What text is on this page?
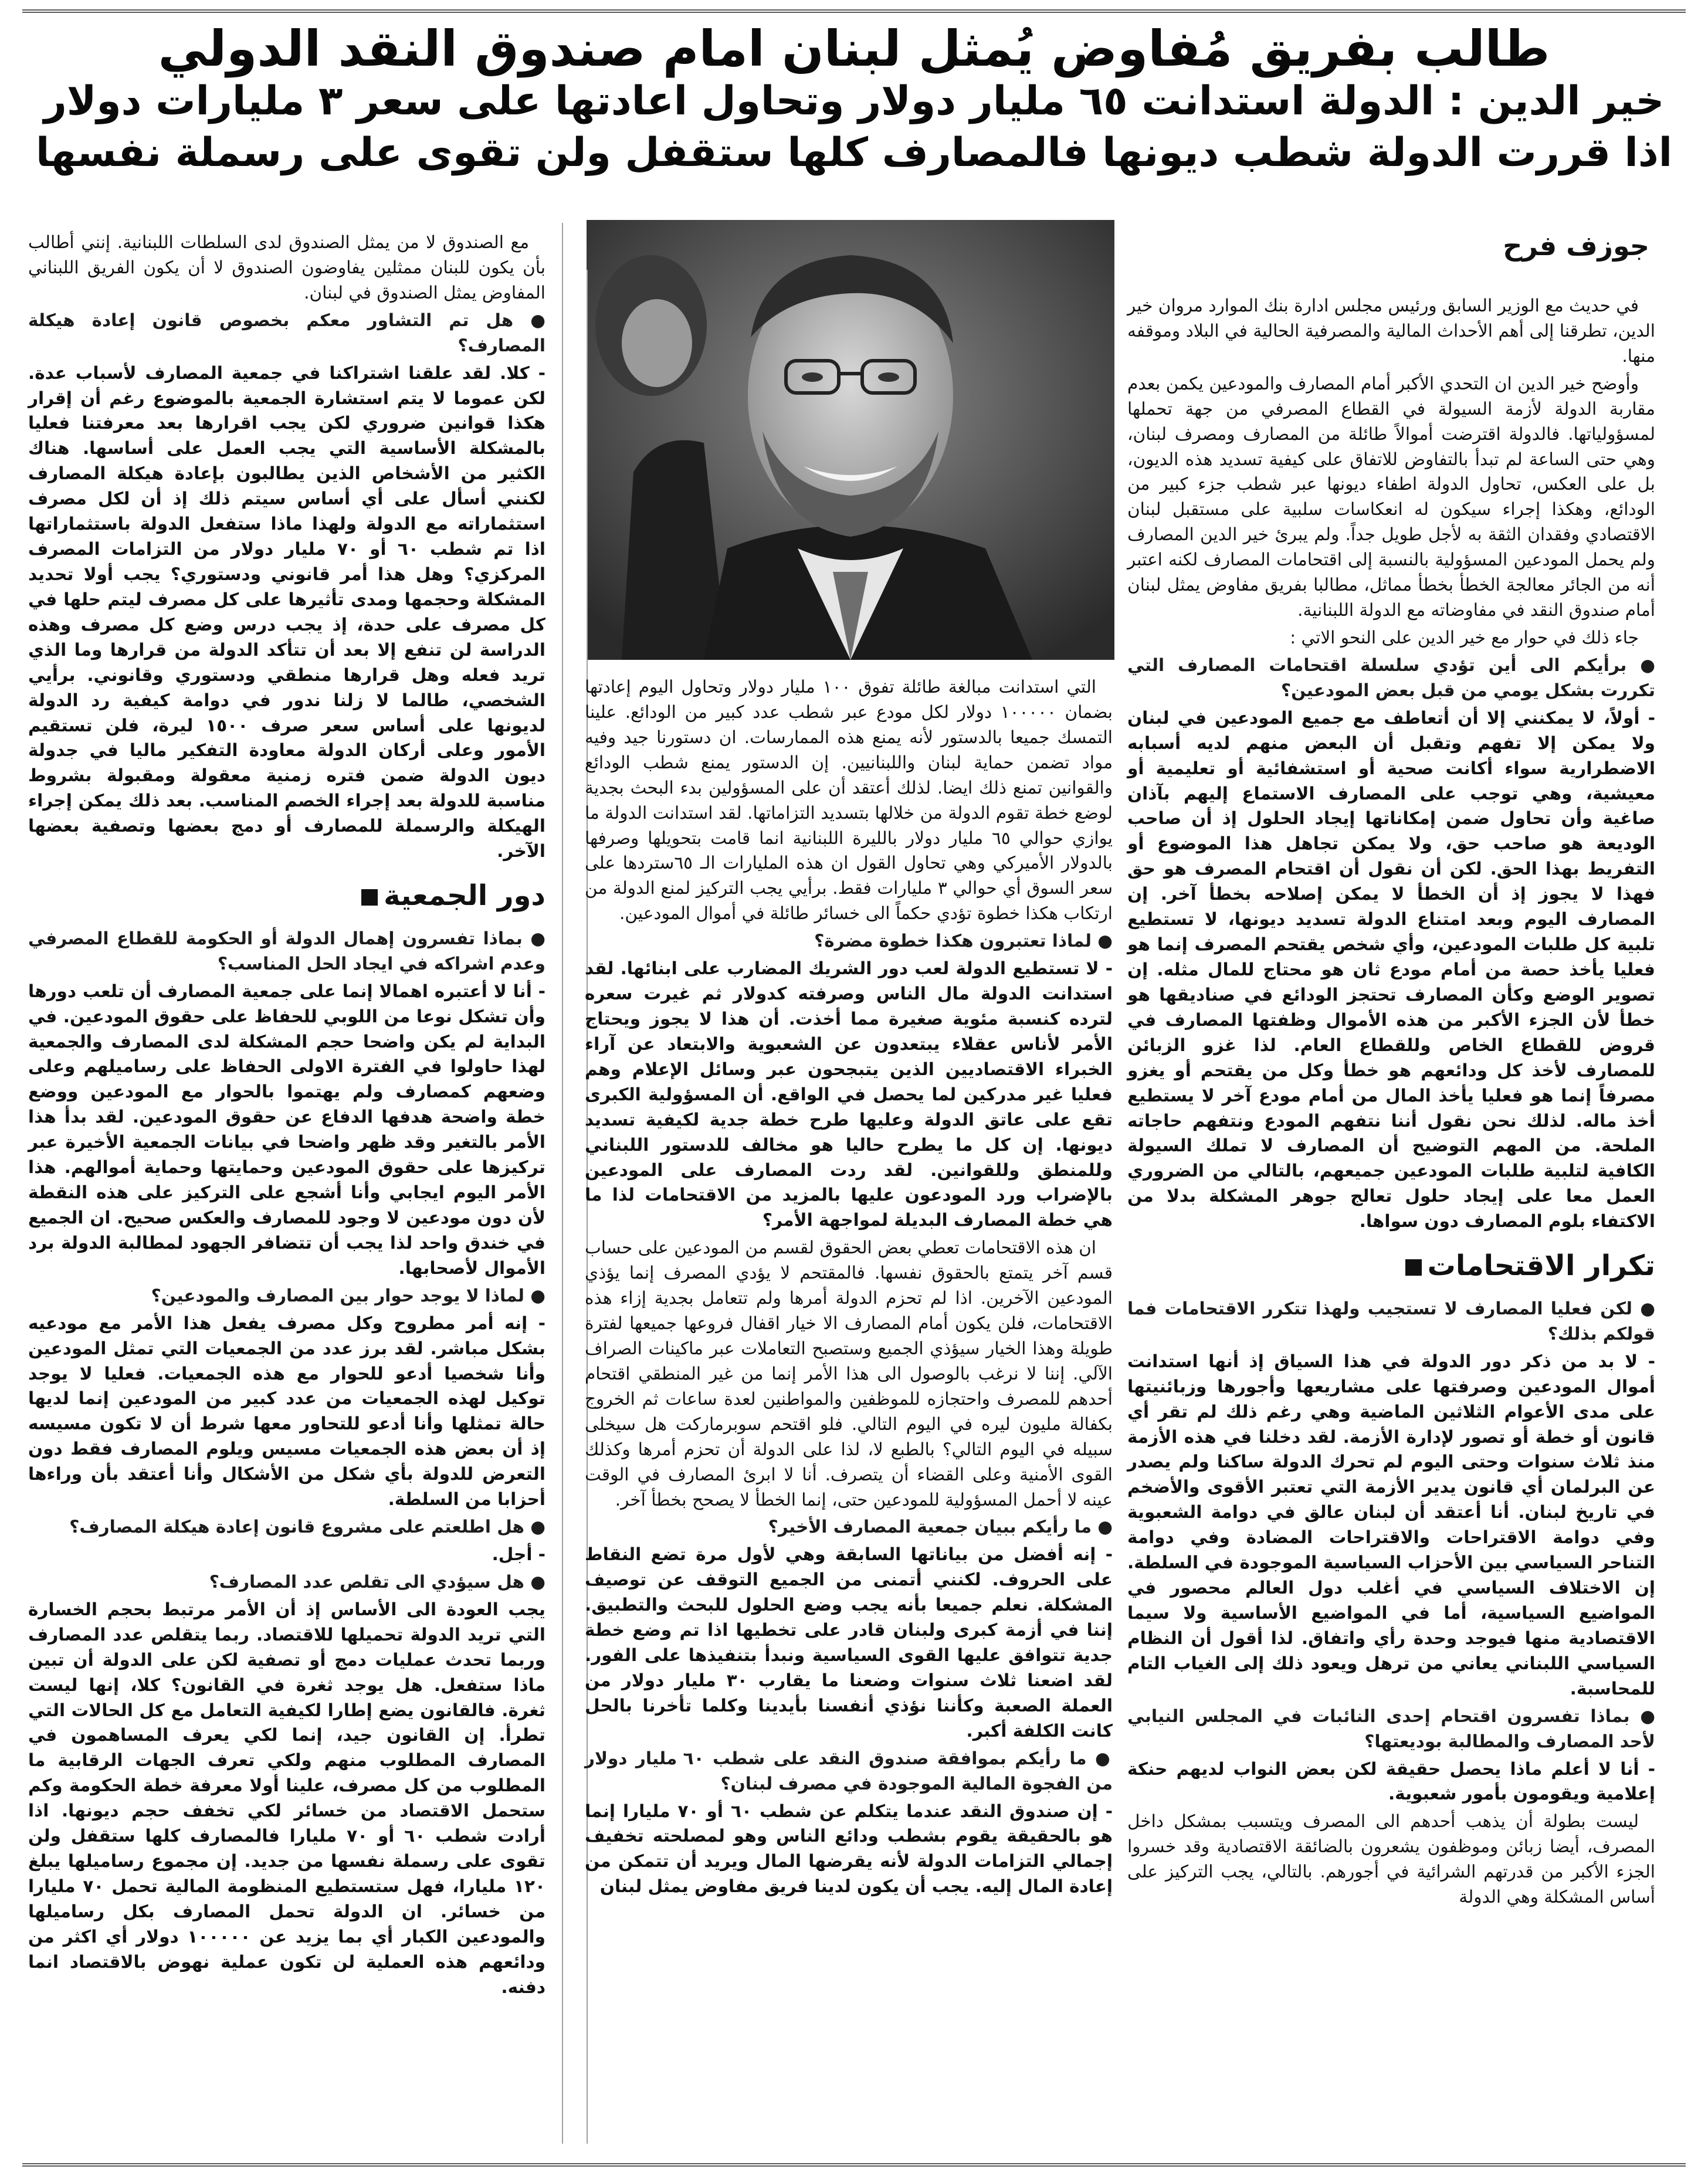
طالب بفريق مُفاوض يُمثل لبنان امام صندوق النقد الدولي
خير الدين : الدولة استدانت ٦٥ مليار دولار وتحاول اعادتها على سعر ٣ مليارات دولار
اذا قررت الدولة شطب ديونها فالمصارف كلها ستقفل ولن تقوى على رسملة نفسها
جوزف فرح

في حديث مع الوزير السابق ورئيس مجلس ادارة بنك الموارد مروان خير الدين، تطرقنا إلى أهم الأحداث المالية والمصرفية الحالية في البلاد وموقفه منها.

وأوضح خير الدين ان التحدي الأكبر أمام المصارف والمودعين يكمن بعدم مقاربة الدولة لأزمة السيولة في القطاع المصرفي من جهة تحملها لمسؤولياتها. فالدولة اقترضت أموالاً طائلة من المصارف ومصرف لبنان، وهي حتى الساعة لم تبدأ بالتفاوض للاتفاق على كيفية تسديد هذه الديون، بل على العكس، تحاول الدولة اطفاء ديونها عبر شطب جزء كبير من الودائع، وهكذا إجراء سيكون له انعكاسات سلبية على مستقبل لبنان الاقتصادي وفقدان الثقة به لأجل طويل جداً. ولم يبرئ خير الدين المصارف ولم يحمل المودعين المسؤولية بالنسبة إلى اقتحامات المصارف لكنه اعتبر أنه من الجائر معالجة الخطأ بخطأ مماثل، مطالبا بفريق مفاوض يمثل لبنان أمام صندوق النقد في مفاوضاته مع الدولة اللبنانية.

جاء ذلك في حوار مع خير الدين على النحو الاتي :

● برأيكم الى أين تؤدي سلسلة اقتحامات المصارف التي تكررت بشكل يومي من قبل بعض المودعين؟

- أولاً، لا يمكنني إلا أن أتعاطف مع جميع المودعين في لبنان ولا يمكن إلا تفهم وتقبل أن البعض منهم لديه أسبابه الاضطرارية سواء أكانت صحية أو استشفائية أو تعليمية أو معيشية، وهي توجب على المصارف الاستماع إليهم بآذان صاغية وأن تحاول ضمن إمكاناتها إيجاد الحلول إذ أن صاحب الوديعة هو صاحب حق، ولا يمكن تجاهل هذا الموضوع أو التفريط بهذا الحق. لكن أن نقول أن اقتحام المصرف هو حق فهذا لا يجوز إذ أن الخطأ لا يمكن إصلاحه بخطأ آخر. إن المصارف اليوم وبعد امتناع الدولة تسديد ديونها، لا تستطيع تلبية كل طلبات المودعين، وأي شخص يقتحم المصرف إنما هو فعليا يأخذ حصة من أمام مودع ثان هو محتاج للمال مثله. إن تصوير الوضع وكأن المصارف تحتجز الودائع في صناديقها هو خطأ لأن الجزء الأكبر من هذه الأموال وظفتها المصارف في قروض للقطاع الخاص وللقطاع العام. لذا غزو الزبائن للمصارف لأخذ كل ودائعهم هو خطأ وكل من يقتحم أو يغزو مصرفاً إنما هو فعليا يأخذ المال من أمام مودع آخر لا يستطيع أخذ ماله. لذلك نحن نقول أننا نتفهم المودع ونتفهم حاجاته الملحة. من المهم التوضيح أن المصارف لا تملك السيولة الكافية لتلبية طلبات المودعين جميعهم، بالتالي من الضروري العمل معا على إيجاد حلول تعالج جوهر المشكلة بدلا من الاكتفاء بلوم المصارف دون سواها.

تكرار الاقتحامات

● لكن فعليا المصارف لا تستجيب ولهذا تتكرر الاقتحامات فما قولكم بذلك؟

- لا بد من ذكر دور الدولة في هذا السياق إذ أنها استدانت أموال المودعين وصرفتها على مشاريعها وأجورها وزبائنيتها على مدى الأعوام الثلاثين الماضية وهي رغم ذلك لم تقر أي قانون أو خطة أو تصور لإدارة الأزمة. لقد دخلنا في هذه الأزمة منذ ثلاث سنوات وحتى اليوم لم تحرك الدولة ساكنا ولم يصدر عن البرلمان أي قانون يدير الأزمة التي تعتبر الأقوى والأضخم في تاريخ لبنان. أنا أعتقد أن لبنان عالق في دوامة الشعبوية وفي دوامة الاقتراحات والاقتراحات المضادة وفي دوامة التناحر السياسي بين الأحزاب السياسية الموجودة في السلطة. إن الاختلاف السياسي في أغلب دول العالم محصور في المواضيع السياسية، أما في المواضيع الأساسية ولا سيما الاقتصادية منها فيوجد وحدة رأي واتفاق. لذا أقول أن النظام السياسي اللبناني يعاني من ترهل ويعود ذلك إلى الغياب التام للمحاسبة.

● بماذا تفسرون اقتحام إحدى النائبات في المجلس النيابي لأحد المصارف والمطالبة بوديعتها؟

- أنا لا أعلم ماذا يحصل حقيقة لكن بعض النواب لديهم حنكة إعلامية ويقومون بأمور شعبوية.

ليست بطولة أن يذهب أحدهم الى المصرف ويتسبب بمشكل داخل المصرف، أيضا زبائن وموظفون يشعرون بالضائقة الاقتصادية وقد خسروا الجزء الأكبر من قدرتهم الشرائية في أجورهم. بالتالي، يجب التركيز على أساس المشكلة وهي الدولة

التي استدانت مبالغة طائلة تفوق ١٠٠ مليار دولار وتحاول اليوم إعادتها بضمان ١٠٠٠٠٠ دولار لكل مودع عبر شطب عدد كبير من الودائع. علينا التمسك جميعا بالدستور لأنه يمنع هذه الممارسات. ان دستورنا جيد وفيه مواد تضمن حماية لبنان واللبنانيين. إن الدستور يمنع شطب الودائع والقوانين تمنع ذلك ايضا. لذلك أعتقد أن على المسؤولين بدء البحث بجدية لوضع خطة تقوم الدولة من خلالها بتسديد التزاماتها. لقد استدانت الدولة ما يوازي حوالي ٦٥ مليار دولار بالليرة اللبنانية انما قامت بتحويلها وصرفها بالدولار الأميركي وهي تحاول القول ان هذه المليارات الـ ٦٥ستردها على سعر السوق أي حوالي ٣ مليارات فقط. برأيي يجب التركيز لمنع الدولة من ارتكاب هكذا خطوة تؤدي حكماً الى خسائر طائلة في أموال المودعين.

● لماذا تعتبرون هكذا خطوة مضرة؟

- لا تستطيع الدولة لعب دور الشريك المضارب على ابنائها. لقد استدانت الدولة مال الناس وصرفته كدولار ثم غيرت سعره لترده كنسبة مئوية صغيرة مما أخذت. أن هذا لا يجوز ويحتاج الأمر لأناس عقلاء يبتعدون عن الشعبوية والابتعاد عن آراء الخبراء الاقتصاديين الذين يتبجحون عبر وسائل الإعلام وهم فعليا غير مدركين لما يحصل في الواقع. أن المسؤولية الكبرى تقع على عاتق الدولة وعليها طرح خطة جدية لكيفية تسديد ديونها. إن كل ما يطرح حاليا هو مخالف للدستور اللبناني وللمنطق وللقوانين. لقد ردت المصارف على المودعين بالإضراب ورد المودعون عليها بالمزيد من الاقتحامات لذا ما هي خطة المصارف البديلة لمواجهة الأمر؟

ان هذه الاقتحامات تعطي بعض الحقوق لقسم من المودعين على حساب قسم آخر يتمتع بالحقوق نفسها. فالمقتحم لا يؤدي المصرف إنما يؤذي المودعين الآخرين. اذا لم تحزم الدولة أمرها ولم تتعامل بجدية إزاء هذه الاقتحامات، فلن يكون أمام المصارف الا خيار اقفال فروعها جميعها لفترة طويلة وهذا الخيار سيؤذي الجميع وستصبح التعاملات عبر ماكينات الصراف الآلي. إننا لا نرغب بالوصول الى هذا الأمر إنما من غير المنطقي اقتحام أحدهم للمصرف واحتجازه للموظفين والمواطنين لعدة ساعات ثم الخروج بكفالة مليون ليره في اليوم التالي. فلو اقتحم سوبرماركت هل سيخلى سبيله في اليوم التالي؟ بالطبع لا، لذا على الدولة أن تحزم أمرها وكذلك القوى الأمنية وعلى القضاء أن يتصرف. أنا لا ابرئ المصارف في الوقت عينه لا أحمل المسؤولية للمودعين حتى، إنما الخطأ لا يصحح بخطأ آخر.

● ما رأيكم ببيان جمعية المصارف الأخير؟

- إنه أفضل من بياناتها السابقة وهي لأول مرة تضع النقاط على الحروف. لكنني أتمنى من الجميع التوقف عن توصيف المشكلة. نعلم جميعا بأنه يجب وضع الحلول للبحث والتطبيق. إننا في أزمة كبرى ولبنان قادر على تخطيها اذا تم وضع خطة جدية تتوافق عليها القوى السياسية ونبدأ بتنفيذها على الفور. لقد اضعنا ثلاث سنوات وضعنا ما يقارب ٣٠ مليار دولار من العملة الصعبة وكأننا نؤذي أنفسنا بأيدينا وكلما تأخرنا بالحل كانت الكلفة أكبر.

● ما رأيكم بموافقة صندوق النقد على شطب ٦٠ مليار دولار من الفجوة المالية الموجودة في مصرف لبنان؟

- إن صندوق النقد عندما يتكلم عن شطب ٦٠ أو ٧٠ مليارا إنما هو بالحقيقة يقوم بشطب ودائع الناس وهو لمصلحته تخفيف إجمالي التزامات الدولة لأنه يقرضها المال ويريد أن تتمكن من إعادة المال إليه. يجب أن يكون لدينا فريق مفاوض يمثل لبنان

مع الصندوق لا من يمثل الصندوق لدى السلطات اللبنانية. إنني أطالب بأن يكون للبنان ممثلين يفاوضون الصندوق لا أن يكون الفريق اللبناني المفاوض يمثل الصندوق في لبنان.

● هل تم التشاور معكم بخصوص قانون إعادة هيكلة المصارف؟

- كلا. لقد علقنا اشتراكنا في جمعية المصارف لأسباب عدة. لكن عموما لا يتم استشارة الجمعية بالموضوع رغم أن إقرار هكذا قوانين ضروري لكن يجب اقرارها بعد معرفتنا فعليا بالمشكلة الأساسية التي يجب العمل على أساسها. هناك الكثير من الأشخاص الذين يطالبون بإعادة هيكلة المصارف لكنني أسأل على أي أساس سيتم ذلك إذ أن لكل مصرف استثماراته مع الدولة ولهذا ماذا ستفعل الدولة باستثماراتها اذا تم شطب ٦٠ أو ٧٠ مليار دولار من التزامات المصرف المركزي؟ وهل هذا أمر قانوني ودستوري؟ يجب أولا تحديد المشكلة وحجمها ومدى تأثيرها على كل مصرف ليتم حلها في كل مصرف على حدة، إذ يجب درس وضع كل مصرف وهذه الدراسة لن تنفع إلا بعد أن تتأكد الدولة من قرارها وما الذي تريد فعله وهل قرارها منطقي ودستوري وقانوني. برأيي الشخصي، طالما لا زلنا ندور في دوامة كيفية رد الدولة لديونها على أساس سعر صرف ١٥٠٠ ليرة، فلن تستقيم الأمور وعلى أركان الدولة معاودة التفكير ماليا في جدولة ديون الدولة ضمن فتره زمنية معقولة ومقبولة بشروط مناسبة للدولة بعد إجراء الخصم المناسب. بعد ذلك يمكن إجراء الهيكلة والرسملة للمصارف أو دمج بعضها وتصفية بعضها الآخر.

دور الجمعية

● بماذا تفسرون إهمال الدولة أو الحكومة للقطاع المصرفي وعدم اشراكه في ايجاد الحل المناسب؟

- أنا لا أعتبره اهمالا إنما على جمعية المصارف أن تلعب دورها وأن تشكل نوعا من اللوبي للحفاظ على حقوق المودعين. في البداية لم يكن واضحا حجم المشكلة لدى المصارف والجمعية لهذا حاولوا في الفترة الاولى الحفاظ على رساميلهم وعلى وضعهم كمصارف ولم يهتموا بالحوار مع المودعين ووضع خطة واضحة هدفها الدفاع عن حقوق المودعين. لقد بدأ هذا الأمر بالتغير وقد ظهر واضحا في بيانات الجمعية الأخيرة عبر تركيزها على حقوق المودعين وحمايتها وحماية أموالهم. هذا الأمر اليوم ايجابي وأنا أشجع على التركيز على هذه النقطة لأن دون مودعين لا وجود للمصارف والعكس صحيح. ان الجميع في خندق واحد لذا يجب أن تتضافر الجهود لمطالبة الدولة برد الأموال لأصحابها.

● لماذا لا يوجد حوار بين المصارف والمودعين؟

- إنه أمر مطروح وكل مصرف يفعل هذا الأمر مع مودعيه بشكل مباشر. لقد برز عدد من الجمعيات التي تمثل المودعين وأنا شخصيا أدعو للحوار مع هذه الجمعيات. فعليا لا يوجد توكيل لهذه الجمعيات من عدد كبير من المودعين إنما لديها حالة تمثلها وأنا أدعو للتحاور معها شرط أن لا تكون مسيسه إذ أن بعض هذه الجمعيات مسيس ويلوم المصارف فقط دون التعرض للدولة بأي شكل من الأشكال وأنا أعتقد بأن وراءها أحزابا من السلطة.

● هل اطلعتم على مشروع قانون إعادة هيكلة المصارف؟

- أجل.

● هل سيؤدي الى تقلص عدد المصارف؟

يجب العودة الى الأساس إذ أن الأمر مرتبط بحجم الخسارة التي تريد الدولة تحميلها للاقتصاد. ربما يتقلص عدد المصارف وربما تحدث عمليات دمج أو تصفية لكن على الدولة أن تبين ماذا ستفعل. هل يوجد ثغرة في القانون؟ كلا، إنها ليست ثغرة. فالقانون يضع إطارا لكيفية التعامل مع كل الحالات التي تطرأ. إن القانون جيد، إنما لكي يعرف المساهمون في المصارف المطلوب منهم ولكي تعرف الجهات الرقابية ما المطلوب من كل مصرف، علينا أولا معرفة خطة الحكومة وكم ستحمل الاقتصاد من خسائر لكي تخفف حجم ديونها. اذا أرادت شطب ٦٠ أو ٧٠ مليارا فالمصارف كلها ستقفل ولن تقوى على رسملة نفسها من جديد. إن مجموع رساميلها يبلغ ١٢٠ مليارا، فهل ستستطيع المنظومة المالية تحمل ٧٠ مليارا من خسائر. ان الدولة تحمل المصارف بكل رساميلها والمودعين الكبار أي بما يزيد عن ١٠٠٠٠٠ دولار أي اكثر من ودائعهم هذه العملية لن تكون عملية نهوض بالاقتصاد انما دفنه.
